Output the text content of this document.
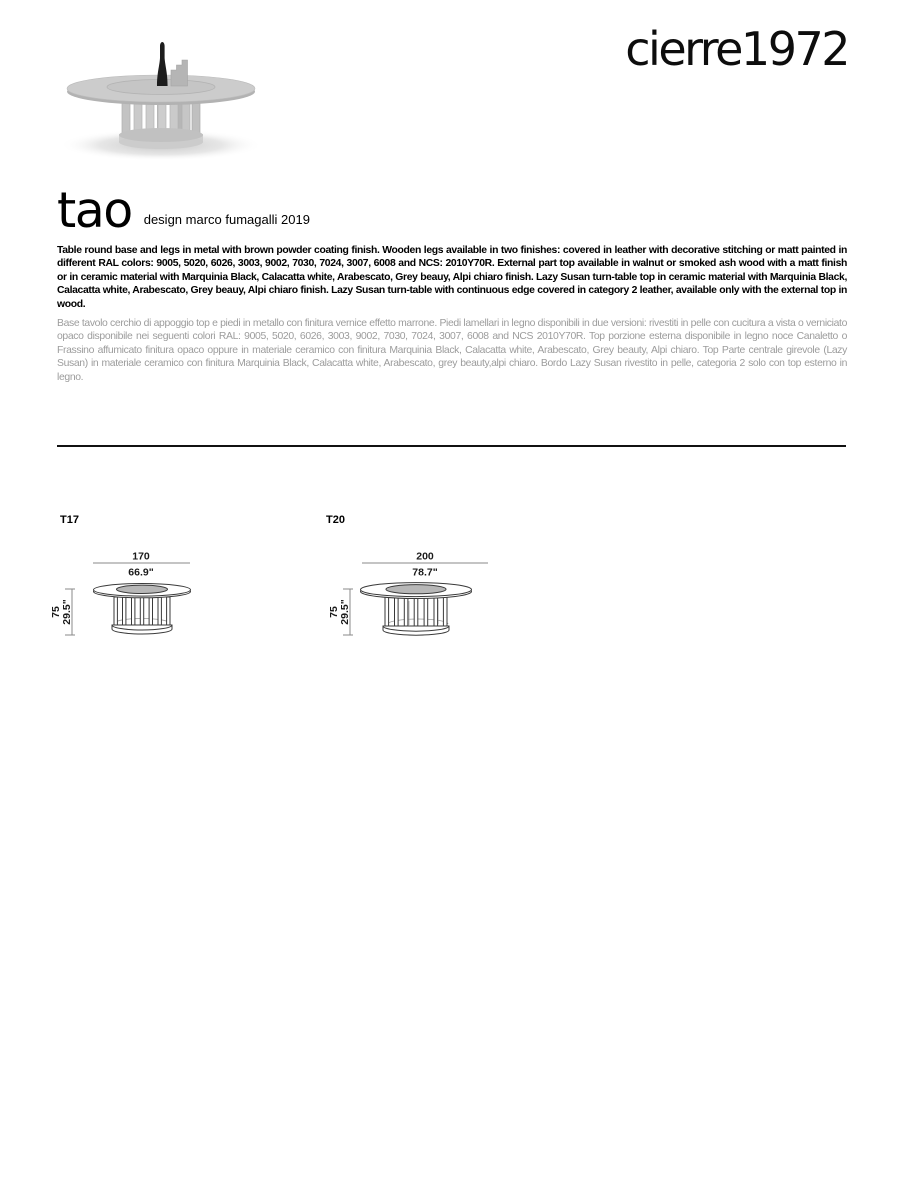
cierre1972
tao design marco fumagalli 2019

Table round base and legs in metal with brown powder coating finish. Wooden legs available in two finishes: covered in leather with decorative stitching or matt painted in different RAL colors: 9005, 5020, 6026, 3003, 9002, 7030, 7024, 3007, 6008 and NCS: 2010Y70R. External part top available in walnut or smoked ash wood with a matt finish or in ceramic material with Marquinia Black, Calacatta white, Arabescato, Grey beauy, Alpi chiaro finish. Lazy Susan turn-table top in ceramic material with Marquinia Black, Calacatta white, Arabescato, Grey beauy, Alpi chiaro finish. Lazy Susan turn-table with continuous edge covered in category 2 leather, available only with the external top in wood.

Base tavolo cerchio di appoggio top e piedi in metallo con finitura vernice effetto marrone. Piedi lamellari in legno disponibili in due versioni: rivestiti in pelle con cucitura a vista o verniciato opaco disponibile nei seguenti colori RAL: 9005, 5020, 6026, 3003, 9002, 7030, 7024, 3007, 6008 and NCS 2010Y70R. Top porzione esterna disponibile in legno noce Canaletto o Frassino affumicato finitura opaco oppure in materiale ceramico con finitura Marquinia Black, Calacatta white, Arabescato, Grey beauty, Alpi chiaro. Top Parte centrale girevole (Lazy Susan) in materiale ceramico con finitura Marquinia Black, Calacatta white, Arabescato, grey beauty,alpi chiaro. Bordo Lazy Susan rivestito in pelle, categoria 2 solo con top esterno in legno.

T17	T20
170
66.9"
75 29.5"
200
78.7"
75 29.5"
